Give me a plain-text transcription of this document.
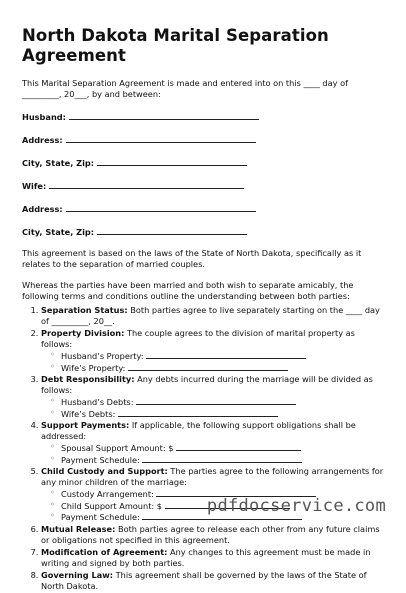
North Dakota Marital Separation Agreement

This Marital Separation Agreement is made and entered into on this ____ day of _________, 20___, by and between:

Husband:
Address:
City, State, Zip:
Wife:
Address:
City, State, Zip:

This agreement is based on the laws of the State of North Dakota, specifically as it relates to the separation of married couples.

Whereas the parties have been married and both wish to separate amicably, the following terms and conditions outline the understanding between both parties:

1. Separation Status: Both parties agree to live separately starting on the ____ day of _________, 20__.
2. Property Division: The couple agrees to the division of marital property as follows:
◦ Husband’s Property:
◦ Wife’s Property:
3. Debt Responsibility: Any debts incurred during the marriage will be divided as follows:
◦ Husband’s Debts:
◦ Wife’s Debts:
4. Support Payments: If applicable, the following support obligations shall be addressed:
◦ Spousal Support Amount: $
◦ Payment Schedule:
5. Child Custody and Support: The parties agree to the following arrangements for any minor children of the marriage:
◦ Custody Arrangement:
◦ Child Support Amount: $
◦ Payment Schedule:
6. Mutual Release: Both parties agree to release each other from any future claims or obligations not specified in this agreement.
7. Modification of Agreement: Any changes to this agreement must be made in writing and signed by both parties.
8. Governing Law: This agreement shall be governed by the laws of the State of North Dakota.
pdfdocservice.com
